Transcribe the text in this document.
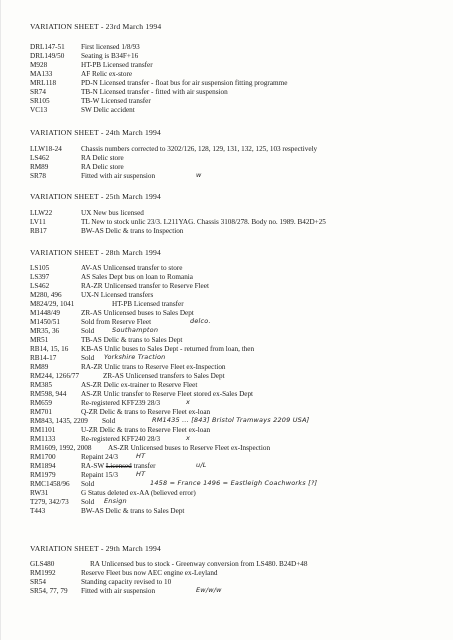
VARIATION SHEET - 23rd March 1994
DRL147-51 First licensed 1/8/93
DRL149/50 Seating is B34F+16
M928	HT-PB Licensed transfer
MA133	AF Relic ex-store
MRL118	PD-N Licensed transfer - float bus for air suspension fitting programme
SR74	TB-N Licensed transfer - fitted with air suspension
SR105	TB-W Licensed transfer
VC13	SW Delic accident
VARIATION SHEET - 24th March 1994
LLW18-24	Chassis numbers corrected to 3202/126, 128, 129, 131, 132, 125, 103 respectively
LS462	RA Delic store
RM89	RA Delic store
SR78	Fitted with air suspension	w
VARIATION SHEET - 25th March 1994
LLW22	UX New bus licensed
LV11	TL New to stock unlic 23/3. L211YAG. Chassis 3108/278. Body no. 1989. B42D+25
RB17	BW-AS Delic & trans to Inspection
VARIATION SHEET - 28th March 1994
LS105	AV-AS Unlicensed transfer to store
LS397	AS Sales Dept bus on loan to Romania
LS462	RA-ZR Unlicensed transfer to Reserve Fleet
M280, 496	UX-N Licensed transfers
M824/29, 1041	HT-PB Licensed transfer
M1448/49	ZR-AS Unlicensed buses to Sales Dept
M1450/51	Sold from Reserve Fleet	delco.
MR35, 36	Sold	Southampton
MR51	TB-AS Delic & trans to Sales Dept
RB14, 15, 16 KB-AS Unlic buses to Sales Dept - returned from loan, then
RB14-17	Sold Yorkshire Traction
RM89	RA-ZR Unlic trans to Reserve Fleet ex-Inspection
RM244, 1266/77	ZR-AS Unlicensed transfers to Sales Dept
RM385	AS-ZR Delic ex-trainer to Reserve Fleet
RM598, 944 AS-ZR Unlic transfer to Reserve Fleet stored ex-Sales Dept
RM659	Re-registered KFF239 28/3	x
RM701	Q-ZR Delic & trans to Reserve Fleet ex-loan
RM843, 1435, 2209 Sold	RM1435 ... [843] Bristol Tramways 2209 USA]
RM1101	U-ZR Delic & trans to Reserve Fleet ex-loan
RM1133	Re-registered KFF240 28/3	x
RM1609, 1992, 2008 AS-ZR Unlicensed buses to Reserve Fleet ex-Inspection
RM1700	Repaint 24/3	HT
RM1894	RA-SW Licensed transfer	u/L
RM1979	Repaint 15/3	HT
RMC1458/96 Sold	1458 = France 1496 = Eastleigh Coachworks [?]
RW31	G Status deleted ex-AA (believed error)
T279, 342/73 Sold Ensign
T443	BW-AS Delic & trans to Sales Dept
VARIATION SHEET - 29th March 1994
GLS480	RA Unlicensed bus to stock - Greenway conversion from LS480. B24D+48
RM1992	Reserve Fleet bus now AEC engine ex-Leyland
SR54	Standing capacity revised to 10
SR54, 77, 79 Fitted with air suspension	Ew/w/w
